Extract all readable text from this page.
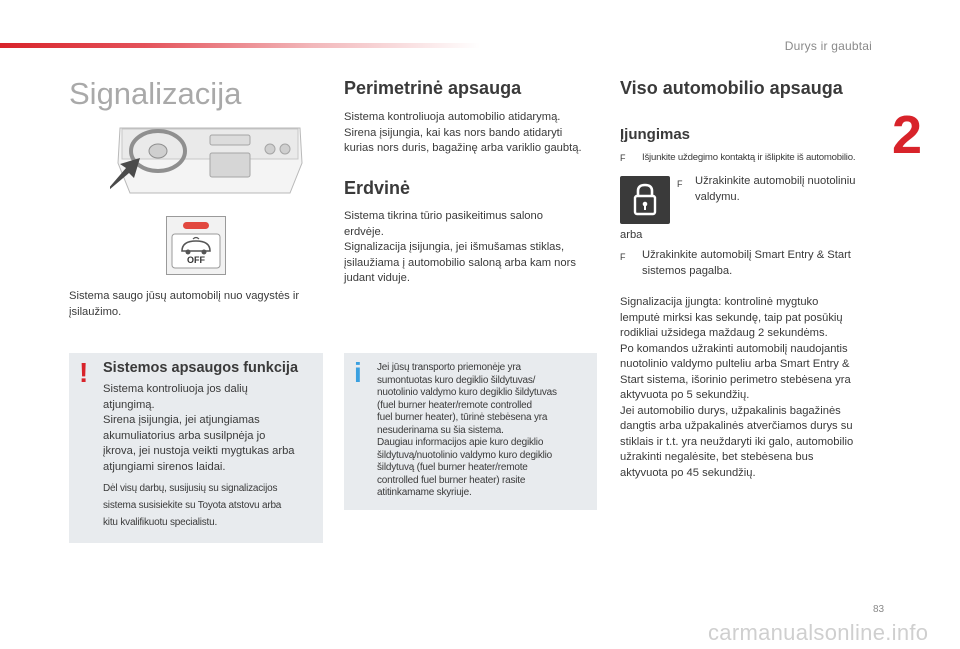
Durys ir gaubtai
2
Signalizacija
OFF

Sistema saugo jūsų automobilį nuo vagystės ir įsilaužimo.

! Sistemos apsaugos funkcija

Sistema kontroliuoja jos dalių

atjungimą.

Sirena įsijungia, jei atjungiamas

akumuliatorius arba susilpnėja jo

įkrova, jei nustoja veikti mygtukas arba

atjungiami sirenos laidai.

Dėl visų darbų, susijusių su signalizacijos

sistema susisiekite su Toyota atstovu arba

kitu kvalifikuotu specialistu.

Perimetrinė apsauga

Sistema kontroliuoja automobilio atidarymą.

Sirena įsijungia, kai kas nors bando atidaryti

kurias nors duris, bagažinę arba variklio gaubtą.

Erdvinė

Sistema tikrina tūrio pasikeitimus salono

erdvėje.

Signalizacija įsijungia, jei išmušamas stiklas,

įsilaužiama į automobilio saloną arba kam nors

judant viduje.

i Jei jūsų transporto priemonėje yra

sumontuotas kuro degiklio šildytuvas/

nuotolinio valdymo kuro degiklio šildytuvas

(fuel burner heater/remote controlled

fuel burner heater), tūrinė stebėsena yra

nesuderinama su šia sistema.

Daugiau informacijos apie kuro degiklio

šildytuvą/nuotolinio valdymo kuro degiklio

šildytuvą (fuel burner heater/remote

controlled fuel burner heater) rasite

atitinkamame skyriuje.

Viso automobilio apsauga
Įjungimas
F Išjunkite uždegimo kontaktą ir išlipkite iš automobilio.
F Užrakinkite automobilį nuotoliniu

valdymu.

arba
F Užrakinkite automobilį Smart Entry & Start

sistemos pagalba.

Signalizacija įjungta: kontrolinė mygtuko

lemputė mirksi kas sekundę, taip pat posūkių

rodikliai užsidega maždaug 2 sekundėms.

Po komandos užrakinti automobilį naudojantis

nuotolinio valdymo pulteliu arba Smart Entry &

Start sistema, išorinio perimetro stebėsena yra

aktyvuota po 5 sekundžių.

Jei automobilio durys, užpakalinis bagažinės

dangtis arba užpakalinės atverčiamos durys su

stiklais ir t.t. yra neuždaryti iki galo, automobilio

užrakinti negalėsite, bet stebėsena bus

aktyvuota po 45 sekundžių.

83
carmanualsonline.info
